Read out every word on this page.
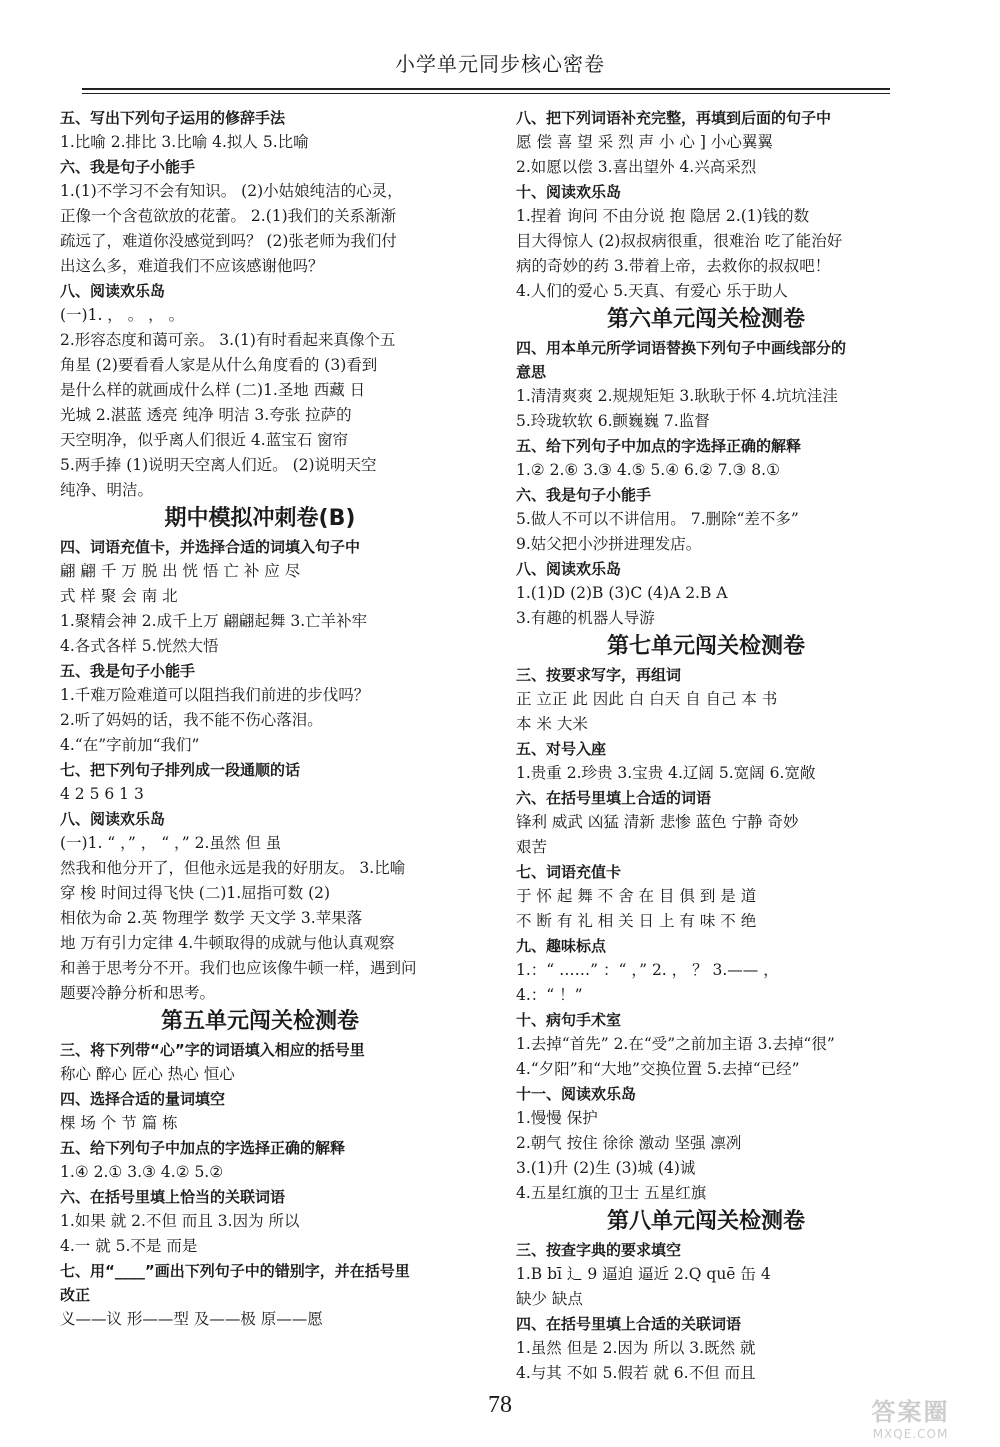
小学单元同步核心密卷
五、写出下列句子运用的修辞手法
1.比喻 2.排比 3.比喻 4.拟人 5.比喻
六、我是句子小能手
1.(1)不学习不会有知识。 (2)小姑娘纯洁的心灵，
正像一个含苞欲放的花蕾。 2.(1)我们的关系渐渐
疏远了，难道你没感觉到吗？ (2)张老师为我们付
出这么多，难道我们不应该感谢他吗？
八、阅读欢乐岛
(一)1. ， 。 ， 。
2.形容态度和蔼可亲。 3.(1)有时看起来真像个五
角星 (2)要看看人家是从什么角度看的 (3)看到
是什么样的就画成什么样 (二)1.圣地 西藏 日
光城 2.湛蓝 透亮 纯净 明洁 3.夸张 拉萨的
天空明净，似乎离人们很近 4.蓝宝石 窗帘
5.两手捧 (1)说明天空离人们近。 (2)说明天空
纯净、明洁。
期中模拟冲刺卷(B)
四、词语充值卡，并选择合适的词填入句子中
翩 翩 千 万 脱 出 恍 悟 亡 补 应 尽
式 样 聚 会 南 北
1.聚精会神 2.成千上万 翩翩起舞 3.亡羊补牢
4.各式各样 5.恍然大悟
五、我是句子小能手
1.千难万险难道可以阻挡我们前进的步伐吗？
2.听了妈妈的话，我不能不伤心落泪。
4.“在”字前加“我们”
七、把下列句子排列成一段通顺的话
4 2 5 6 1 3
八、阅读欢乐岛
(一)1. “ ，” ， “ ，” 2.虽然 但 虽
然我和他分开了，但他永远是我的好朋友。 3.比喻
穿 梭 时间过得飞快 (二)1.屈指可数 (2)
相依为命 2.英 物理学 数学 天文学 3.苹果落
地 万有引力定律 4.牛顿取得的成就与他认真观察
和善于思考分不开。我们也应该像牛顿一样，遇到问
题要冷静分析和思考。
第五单元闯关检测卷
三、将下列带“心”字的词语填入相应的括号里
称心 醉心 匠心 热心 恒心
四、选择合适的量词填空
棵 场 个 节 篇 栋
五、给下列句子中加点的字选择正确的解释
1.④ 2.① 3.③ 4.② 5.②
六、在括号里填上恰当的关联词语
1.如果 就 2.不但 而且 3.因为 所以
4.一 就 5.不是 而是
七、用“____”画出下列句子中的错别字，并在括号里
改正
义——议 形——型 及——极 原——愿
八、把下列词语补充完整，再填到后面的句子中
愿 偿 喜 望 采 烈 声 小 心 ] 小心翼翼
2.如愿以偿 3.喜出望外 4.兴高采烈
十、阅读欢乐岛
1.捏着 询问 不由分说 抱 隐居 2.(1)钱的数
目大得惊人 (2)叔叔病很重，很难治 吃了能治好
病的奇妙的药 3.带着上帝，去救你的叔叔吧！
4.人们的爱心 5.天真、有爱心 乐于助人
第六单元闯关检测卷
四、用本单元所学词语替换下列句子中画线部分的
意思
1.清清爽爽 2.规规矩矩 3.耿耿于怀 4.坑坑洼洼
5.玲珑软软 6.颤巍巍 7.监督
五、给下列句子中加点的字选择正确的解释
1.② 2.⑥ 3.③ 4.⑤ 5.④ 6.② 7.③ 8.①
六、我是句子小能手
5.做人不可以不讲信用。 7.删除“差不多”
9.姑父把小沙拼进理发店。
八、阅读欢乐岛
1.(1)D (2)B (3)C (4)A 2.B A
3.有趣的机器人导游
第七单元闯关检测卷
三、按要求写字，再组词
正 立正 此 因此 白 白天 自 自己 本 书
本 米 大米
五、对号入座
1.贵重 2.珍贵 3.宝贵 4.辽阔 5.宽阔 6.宽敞
六、在括号里填上合适的词语
锋利 威武 凶猛 清新 悲惨 蓝色 宁静 奇妙
艰苦
七、词语充值卡
于 怀 起 舞 不 舍 在 目 俱 到 是 道
不 断 有 礼 相 关 日 上 有 味 不 绝
九、趣味标点
1.：“ ……” ：“ ，” 2. ， ？ 3.—— ，
4.：“ ！”
十、病句手术室
1.去掉“首先” 2.在“受”之前加主语 3.去掉“很”
4.“夕阳”和“大地”交换位置 5.去掉“已经”
十一、阅读欢乐岛
1.慢慢 保护
2.朝气 按住 徐徐 激动 坚强 凛冽
3.(1)升 (2)生 (3)城 (4)诚
4.五星红旗的卫士 五星红旗
第八单元闯关检测卷
三、按查字典的要求填空
1.B bī 辶 9 逼迫 逼近 2.Q quē 缶 4
缺少 缺点
四、在括号里填上合适的关联词语
1.虽然 但是 2.因为 所以 3.既然 就
4.与其 不如 5.假若 就 6.不但 而且
78	答案圈
MXQE.COM
